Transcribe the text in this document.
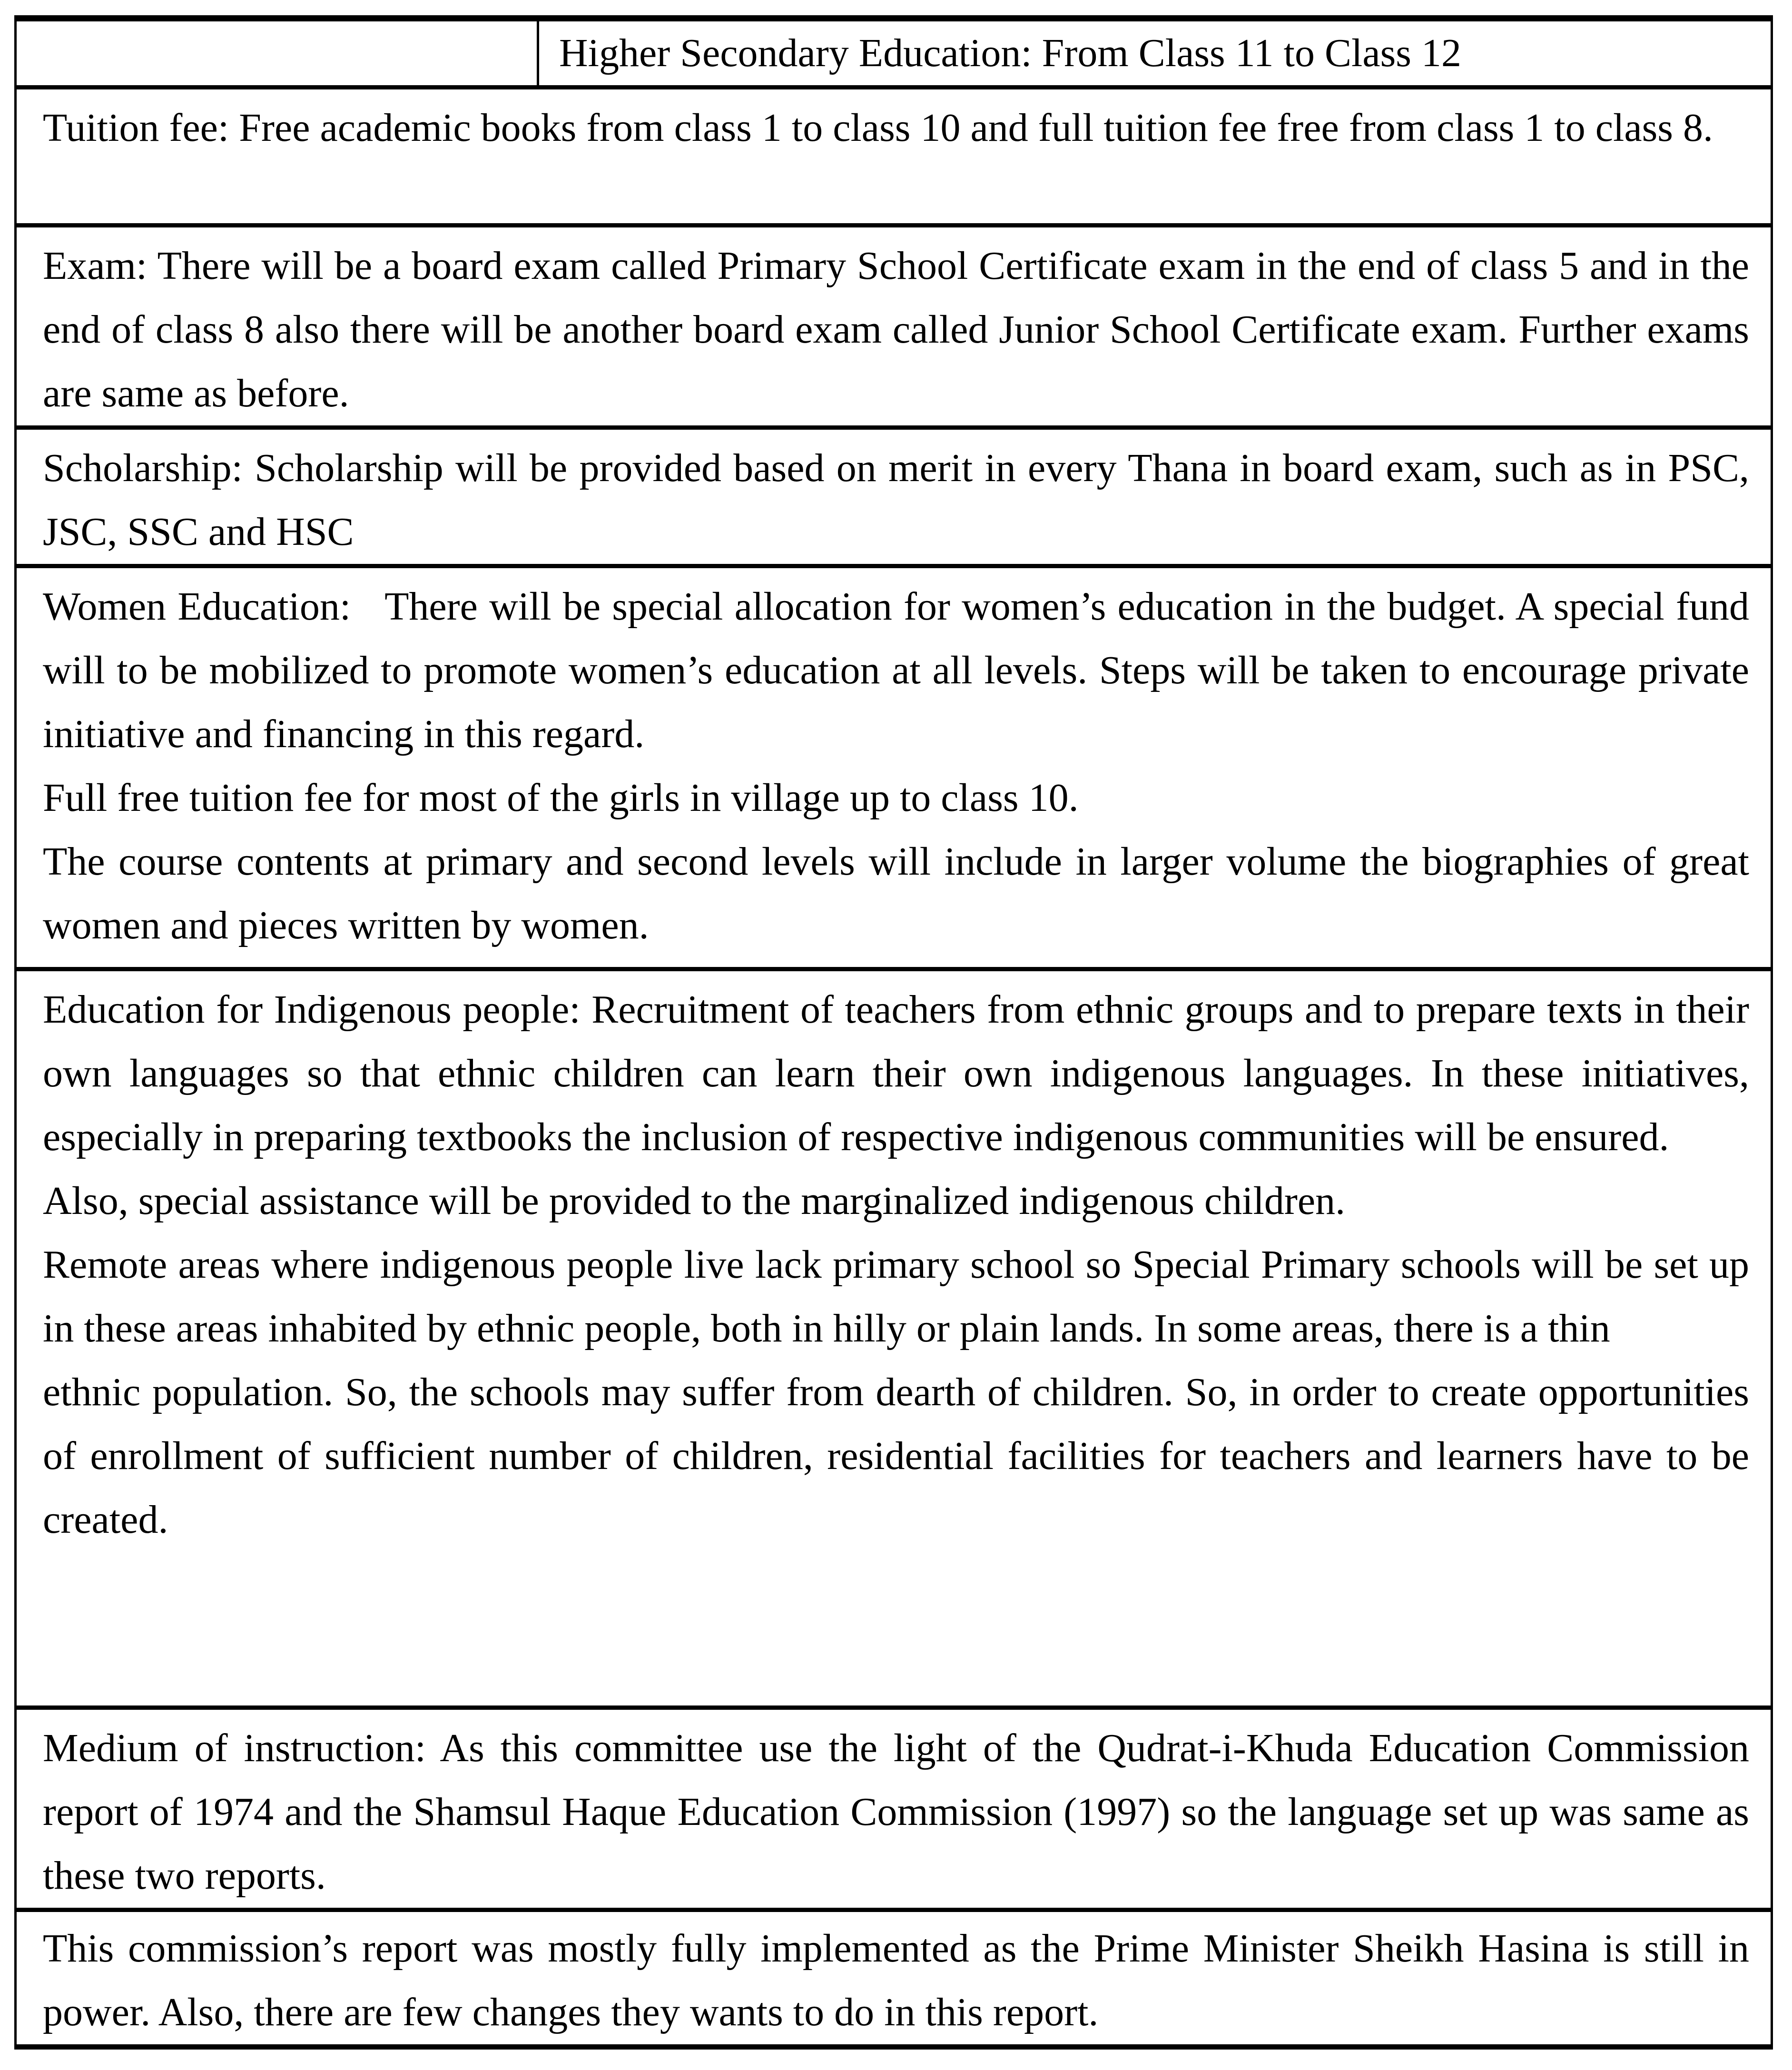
Higher Secondary Education: From Class 11 to Class 12

Tuition fee: Free academic books from class 1 to class 10 and full tuition fee free from class 1 to class 8.

Exam: There will be a board exam called Primary School Certificate exam in the end of class 5 and in the end of class 8 also there will be another board exam called Junior School Certificate exam. Further exams are same as before.

Scholarship: Scholarship will be provided based on merit in every Thana in board exam, such as in PSC, JSC, SSC and HSC

Women Education:   There will be special allocation for women’s education in the budget. A special fund will to be mobilized to promote women’s education at all levels. Steps will be taken to encourage private initiative and financing in this regard.

Full free tuition fee for most of the girls in village up to class 10.

The course contents at primary and second levels will include in larger volume the biographies of great women and pieces written by women.

Education for Indigenous people: Recruitment of teachers from ethnic groups and to prepare texts in their own languages so that ethnic children can learn their own indigenous languages. In these initiatives, especially in preparing textbooks the inclusion of respective indigenous communities will be ensured.

Also, special assistance will be provided to the marginalized indigenous children.

Remote areas where indigenous people live lack primary school so Special Primary schools will be set up in these areas inhabited by ethnic people, both in hilly or plain lands. In some areas, there is a thin

ethnic population. So, the schools may suffer from dearth of children. So, in order to create opportunities of enrollment of sufficient number of children, residential facilities for teachers and learners have to be created.

Medium of instruction: As this committee use the light of the Qudrat-i-Khuda Education Commission report of 1974 and the Shamsul Haque Education Commission (1997) so the language set up was same as these two reports.

This commission’s report was mostly fully implemented as the Prime Minister Sheikh Hasina is still in power. Also, there are few changes they wants to do in this report.
